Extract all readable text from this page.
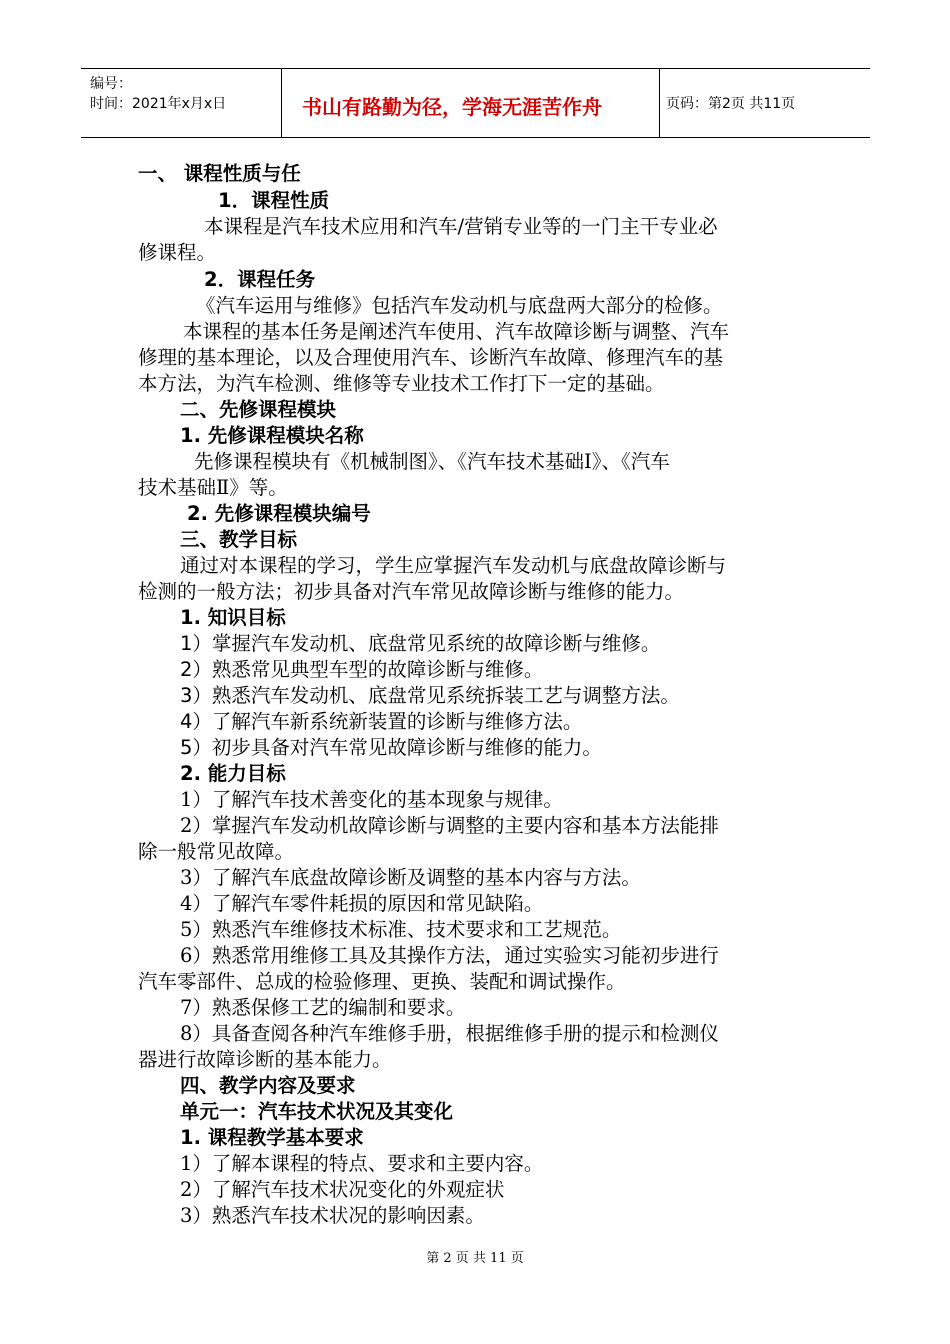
编号：
时间：2021年x月x日	书山有路勤为径，学海无涯苦作舟	页码：第2页 共11页
一、 课程性质与任
1．课程性质
本课程是汽车技术应用和汽车/营销专业等的一门主干专业必
修课程。
2．课程任务
《汽车运用与维修》包括汽车发动机与底盘两大部分的检修。
本课程的基本任务是阐述汽车使用、汽车故障诊断与调整、汽车
修理的基本理论，以及合理使用汽车、诊断汽车故障、修理汽车的基
本方法，为汽车检测、维修等专业技术工作打下一定的基础。
二、先修课程模块
1. 先修课程模块名称
先修课程模块有《机械制图》、《汽车技术基础Ⅰ》、《汽车
技术基础Ⅱ》等。
2. 先修课程模块编号
三、教学目标
通过对本课程的学习，学生应掌握汽车发动机与底盘故障诊断与
检测的一般方法；初步具备对汽车常见故障诊断与维修的能力。
1. 知识目标
1）掌握汽车发动机、底盘常见系统的故障诊断与维修。
2）熟悉常见典型车型的故障诊断与维修。
3）熟悉汽车发动机、底盘常见系统拆装工艺与调整方法。
4）了解汽车新系统新装置的诊断与维修方法。
5）初步具备对汽车常见故障诊断与维修的能力。
2. 能力目标
1）了解汽车技术善变化的基本现象与规律。
2）掌握汽车发动机故障诊断与调整的主要内容和基本方法能排
除一般常见故障。
3）了解汽车底盘故障诊断及调整的基本内容与方法。
4）了解汽车零件耗损的原因和常见缺陷。
5）熟悉汽车维修技术标准、技术要求和工艺规范。
6）熟悉常用维修工具及其操作方法，通过实验实习能初步进行
汽车零部件、总成的检验修理、更换、装配和调试操作。
7）熟悉保修工艺的编制和要求。
8）具备查阅各种汽车维修手册，根据维修手册的提示和检测仪
器进行故障诊断的基本能力。
四、教学内容及要求
单元一：汽车技术状况及其变化
1. 课程教学基本要求
1）了解本课程的特点、要求和主要内容。
2）了解汽车技术状况变化的外观症状
3）熟悉汽车技术状况的影响因素。
第 2 页 共 11 页
